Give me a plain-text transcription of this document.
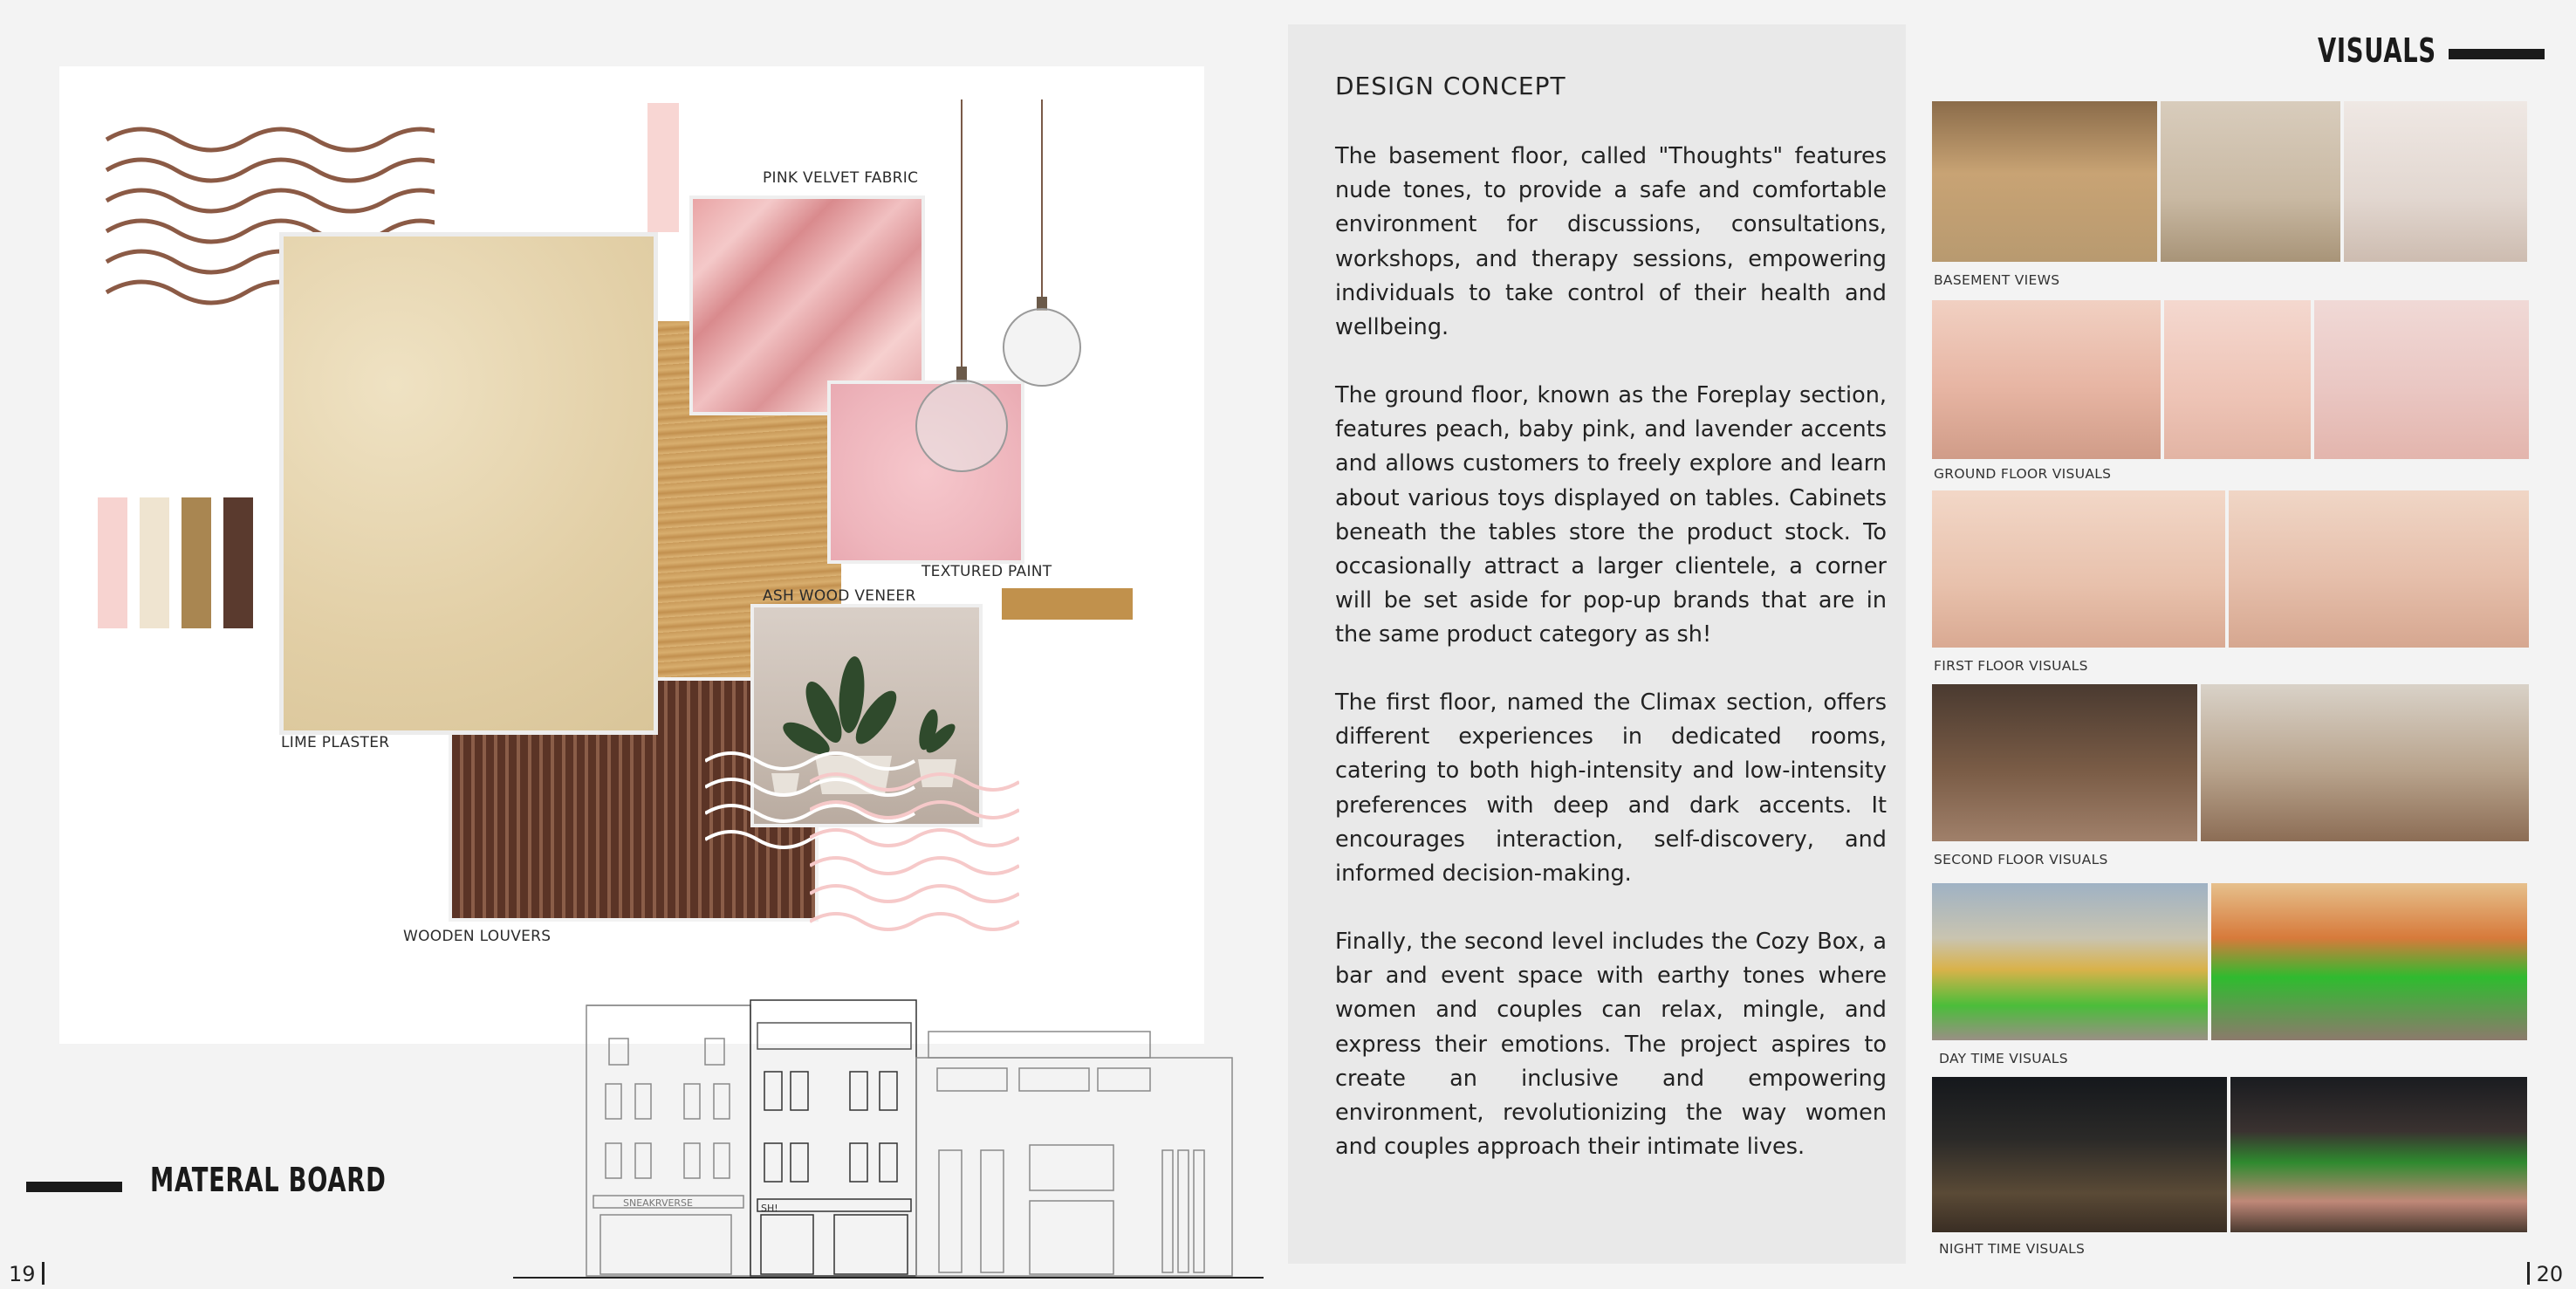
PINK VELVET FABRIC
TEXTURED PAINT
ASH WOOD VENEER
LIME PLASTER
WOODEN LOUVERS
SNEAKRVERSE	SH!
MATERAL BOARD
19
DESIGN CONCEPT

The basement floor, called "Thoughts" features nude tones, to provide a safe and comfortable environment for discussions, consultations, workshops, and therapy sessions, empowering individuals to take control of their health and wellbeing.

The ground floor, known as the Foreplay section, features peach, baby pink, and lavender accents and allows customers to freely explore and learn about various toys displayed on tables. Cabinets beneath the tables store the product stock. To occasionally attract a larger clientele, a corner will be set aside for pop-up brands that are in the same product category as sh!

The first floor, named the Climax section, offers different experiences in dedicated rooms, catering to both high-intensity and low-intensity preferences with deep and dark accents. It encourages interaction, self-discovery, and informed decision-making.

Finally, the second level includes the Cozy Box, a bar and event space with earthy tones where women and couples can relax, mingle, and express their emotions. The project aspires to create an inclusive and empowering environment, revolutionizing the way women and couples approach their intimate lives.

VISUALS
BASEMENT VIEWS
GROUND FLOOR VISUALS
FIRST FLOOR VISUALS
SECOND FLOOR VISUALS
DAY TIME VISUALS
NIGHT TIME VISUALS
20
